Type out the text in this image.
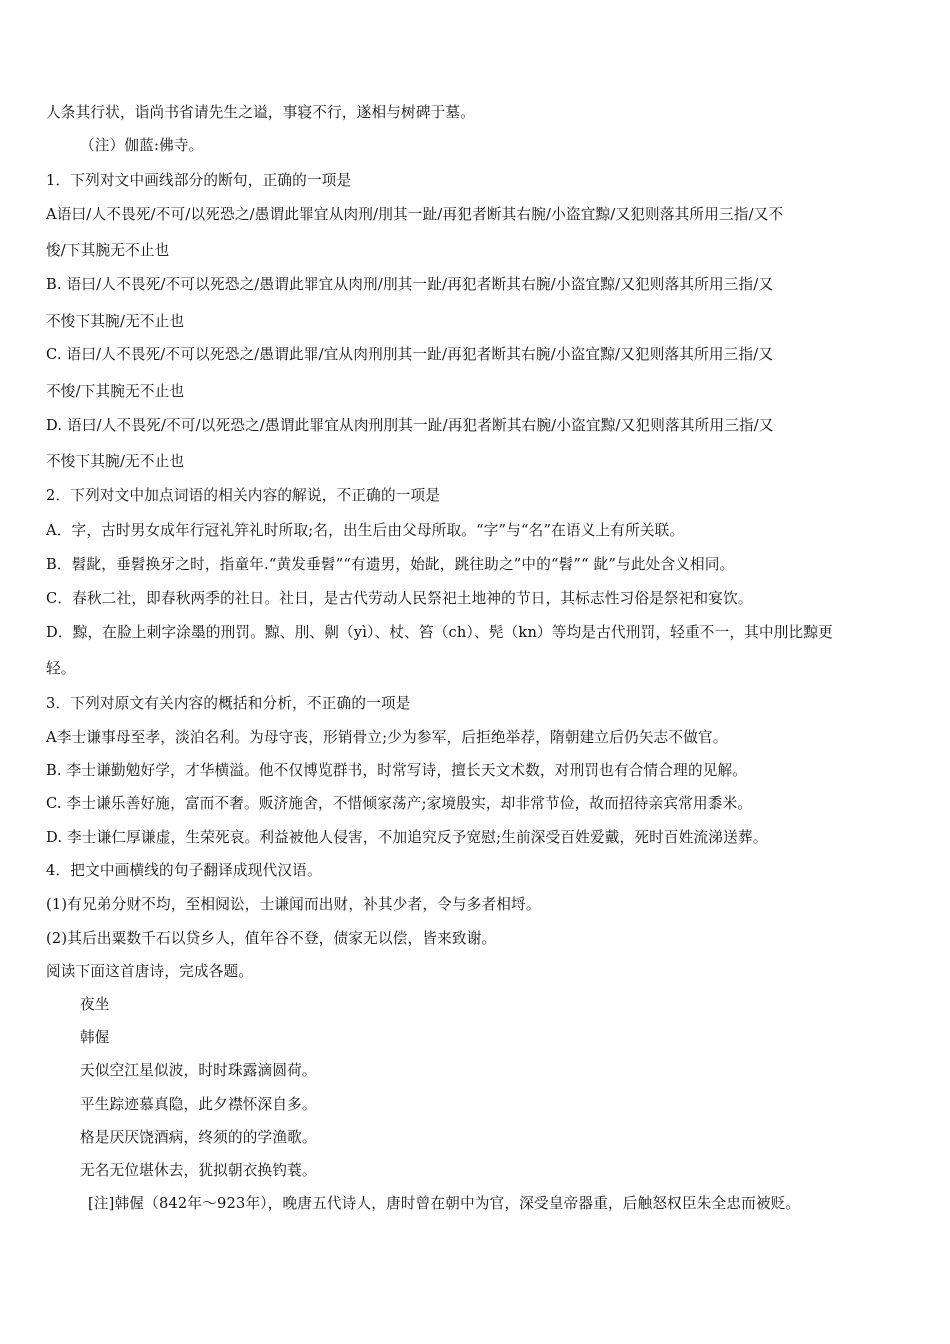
人条其行状，诣尚书省请先生之谥，事寝不行，遂相与树碑于墓。
（注）伽蓝:佛寺。
1．下列对文中画线部分的断句，正确的一项是
A语曰/人不畏死/不可/以死恐之/愚谓此罪宜从肉刑/刖其一趾/再犯者断其右腕/小盗宜黥/又犯则落其所用三指/又不
悛/下其腕无不止也
B. 语曰/人不畏死/不可以死恐之/愚谓此罪宜从肉刑/刖其一趾/再犯者断其右腕/小盗宜黥/又犯则落其所用三指/又
不悛下其腕/无不止也
C. 语曰/人不畏死/不可以死恐之/愚谓此罪/宜从肉刑刖其一趾/再犯者断其右腕/小盗宜黥/又犯则落其所用三指/又
不悛/下其腕无不止也
D. 语曰/人不畏死/不可/以死恐之/愚谓此罪宜从肉刑刖其一趾/再犯者断其右腕/小盗宜黥/又犯则落其所用三指/又
不悛下其腕/无不止也
2．下列对文中加点词语的相关内容的解说，不正确的一项是
A．字，古时男女成年行冠礼笄礼时所取;名，出生后由父母所取。“字”与“名”在语义上有所关联。
B．髫龀，垂髫换牙之时，指童年.“黄发垂髫”“有遗男，始龀，跳往助之”中的“髫”“ 龀”与此处含义相同。
C．春秋二社，即春秋两季的社日。社日，是古代劳动人民祭祀土地神的节日，其标志性习俗是祭祀和宴饮。
D．黥，在脸上刺字涂墨的刑罚。黥、刖、劓（yì）、杖、笞（ch）、髡（kn）等均是古代刑罚，轻重不一，其中刖比黥更
轻。
3．下列对原文有关内容的概括和分析，不正确的一项是
A李士谦事母至孝，淡泊名利。为母守丧，形销骨立;少为参军，后拒绝举荐，隋朝建立后仍矢志不做官。
B. 李士谦勤勉好学，才华横溢。他不仅博览群书，时常写诗，擅长天文术数，对刑罚也有合情合理的见解。
C. 李士谦乐善好施，富而不奢。贩济施舍，不惜倾家荡产;家境殷实，却非常节俭，故而招待亲宾常用黍米。
D. 李士谦仁厚谦虚，生荣死哀。利益被他人侵害，不加追究反予宽慰;生前深受百姓爱戴，死时百姓流涕送葬。
4．把文中画横线的句子翻译成现代汉语。
(1)有兄弟分财不均，至相阋讼，士谦闻而出财，补其少者，令与多者相埒。
(2)其后出粟数千石以贷乡人，值年谷不登，债家无以偿，皆来致谢。
阅读下面这首唐诗，完成各题。
夜坐
韩偓
天似空江星似波，时时珠露滴圆荷。
平生踪迹慕真隐，此夕襟怀深自多。
格是厌厌饶酒病，终须的的学渔歌。
无名无位堪休去，犹拟朝衣换钓蓑。
[注]韩偓（842年～923年），晚唐五代诗人，唐时曾在朝中为官，深受皇帝器重，后触怒权臣朱全忠而被贬。
